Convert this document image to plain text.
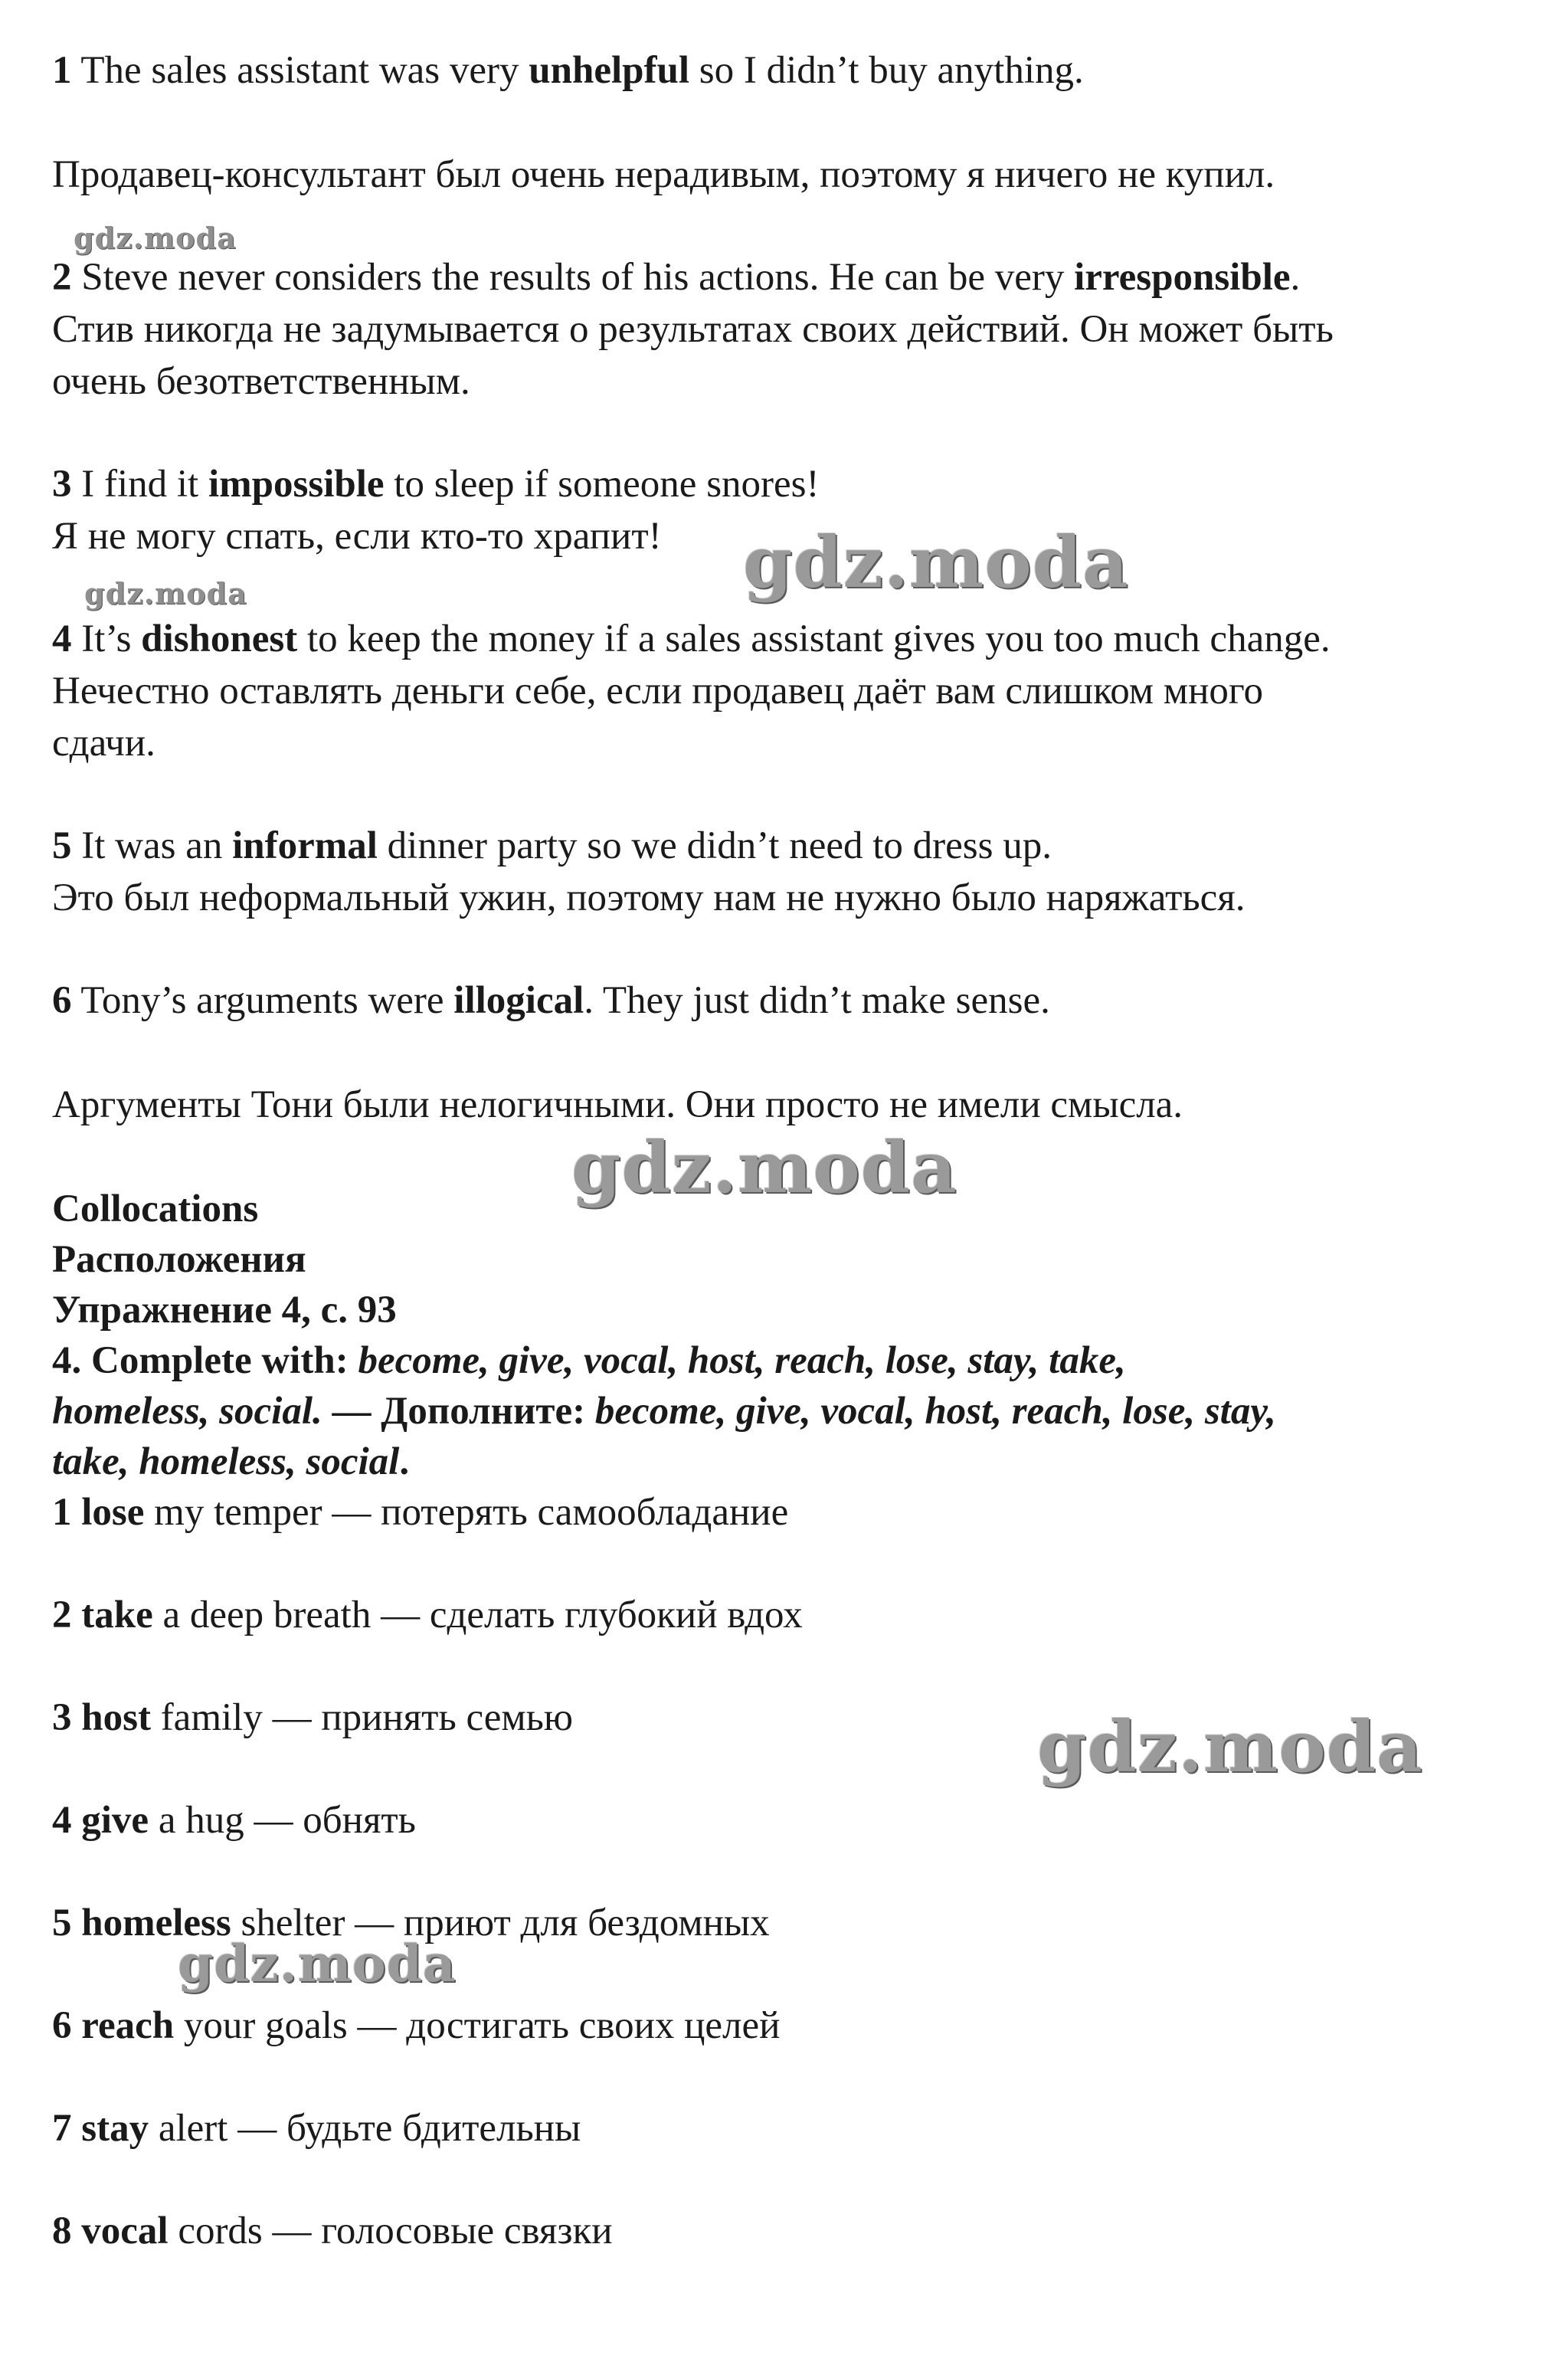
1 The sales assistant was very unhelpful so I didn’t buy anything.
Продавец-консультант был очень нерадивым, поэтому я ничего не купил.
2 Steve never considers the results of his actions. He can be very irresponsible.
Стив никогда не задумывается о результатах своих действий. Он может быть
очень безответственным.
3 I find it impossible to sleep if someone snores!
Я не могу спать, если кто-то храпит!
4 It’s dishonest to keep the money if a sales assistant gives you too much change.
Нечестно оставлять деньги себе, если продавец даёт вам слишком много
сдачи.
5 It was an informal dinner party so we didn’t need to dress up.
Это был неформальный ужин, поэтому нам не нужно было наряжаться.
6 Tony’s arguments were illogical. They just didn’t make sense.
Аргументы Тони были нелогичными. Они просто не имели смысла.
Collocations
Расположения
Упражнение 4, с. 93
4. Complete with: become, give, vocal, host, reach, lose, stay, take,
homeless, social. — Дополните: become, give, vocal, host, reach, lose, stay,
take, homeless, social.
1 lose my temper — потерять самообладание
2 take a deep breath — сделать глубокий вдох
3 host family — принять семью
4 give a hug — обнять
5 homeless shelter — приют для бездомных
6 reach your goals — достигать своих целей
7 stay alert — будьте бдительны
8 vocal cords — голосовые связки
gdz.moda
gdz.moda
gdz.moda
gdz.moda
gdz.moda
gdz.moda
